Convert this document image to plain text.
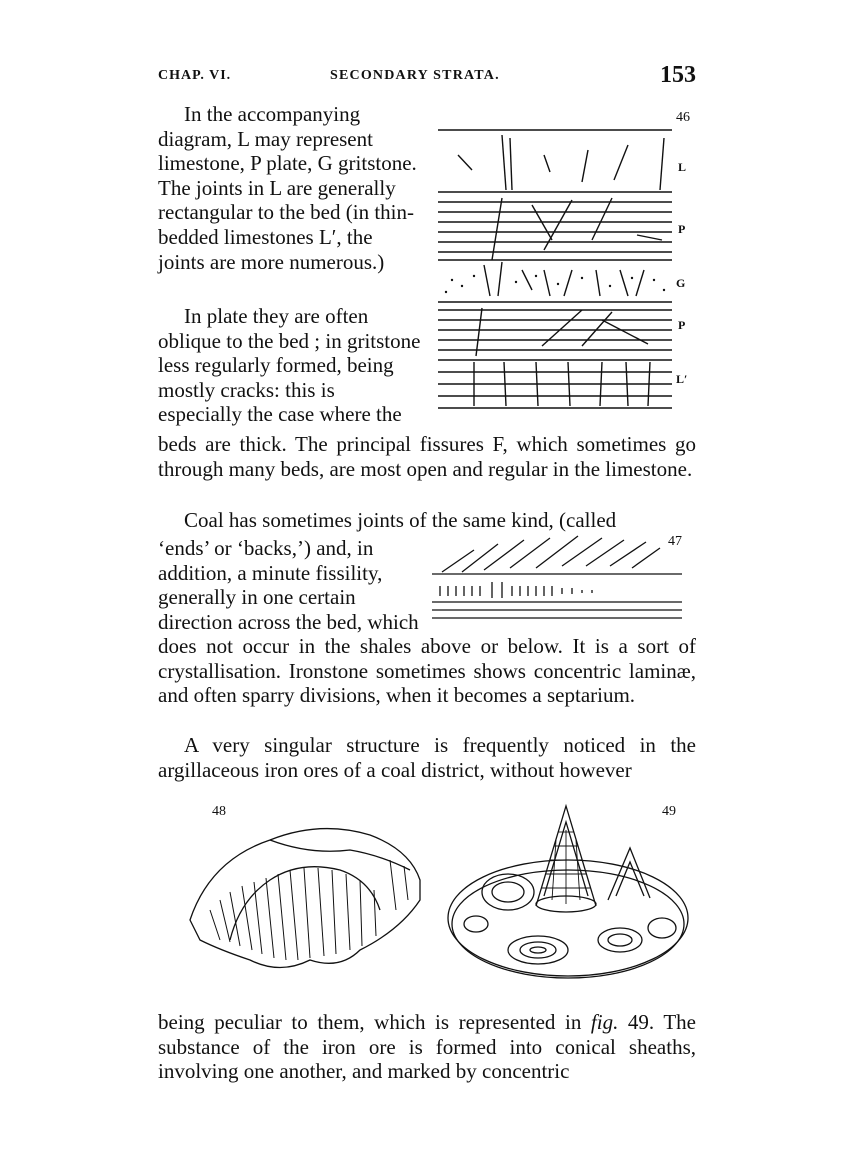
CHAP. VI.	SECONDARY STRATA.	153
In the accompanying diagram, L may represent limestone, P plate, G gritstone. The joints in L are generally rectangular to the bed (in thin-bedded limestones L′, the joints are more numerous.)
In plate they are often oblique to the bed ; in gritstone less regularly formed, being mostly cracks: this is especially the case where the
beds are thick. The principal fissures F, which sometimes go through many beds, are most open and regular in the limestone.
Coal has sometimes joints of the same kind, (called
‘ends’ or ‘backs,’) and, in addition, a minute fissility, generally in one certain direction across the bed, which
does not occur in the shales above or below. It is a sort of crystallisation. Ironstone sometimes shows concentric laminæ, and often sparry divisions, when it becomes a septarium.
A very singular structure is frequently noticed in the argillaceous iron ores of a coal district, without however
being peculiar to them, which is represented in fig. 49. The substance of the iron ore is formed into conical sheaths, involving one another, and marked by concentric
46
L
P
G
P
L′
47
48	49
